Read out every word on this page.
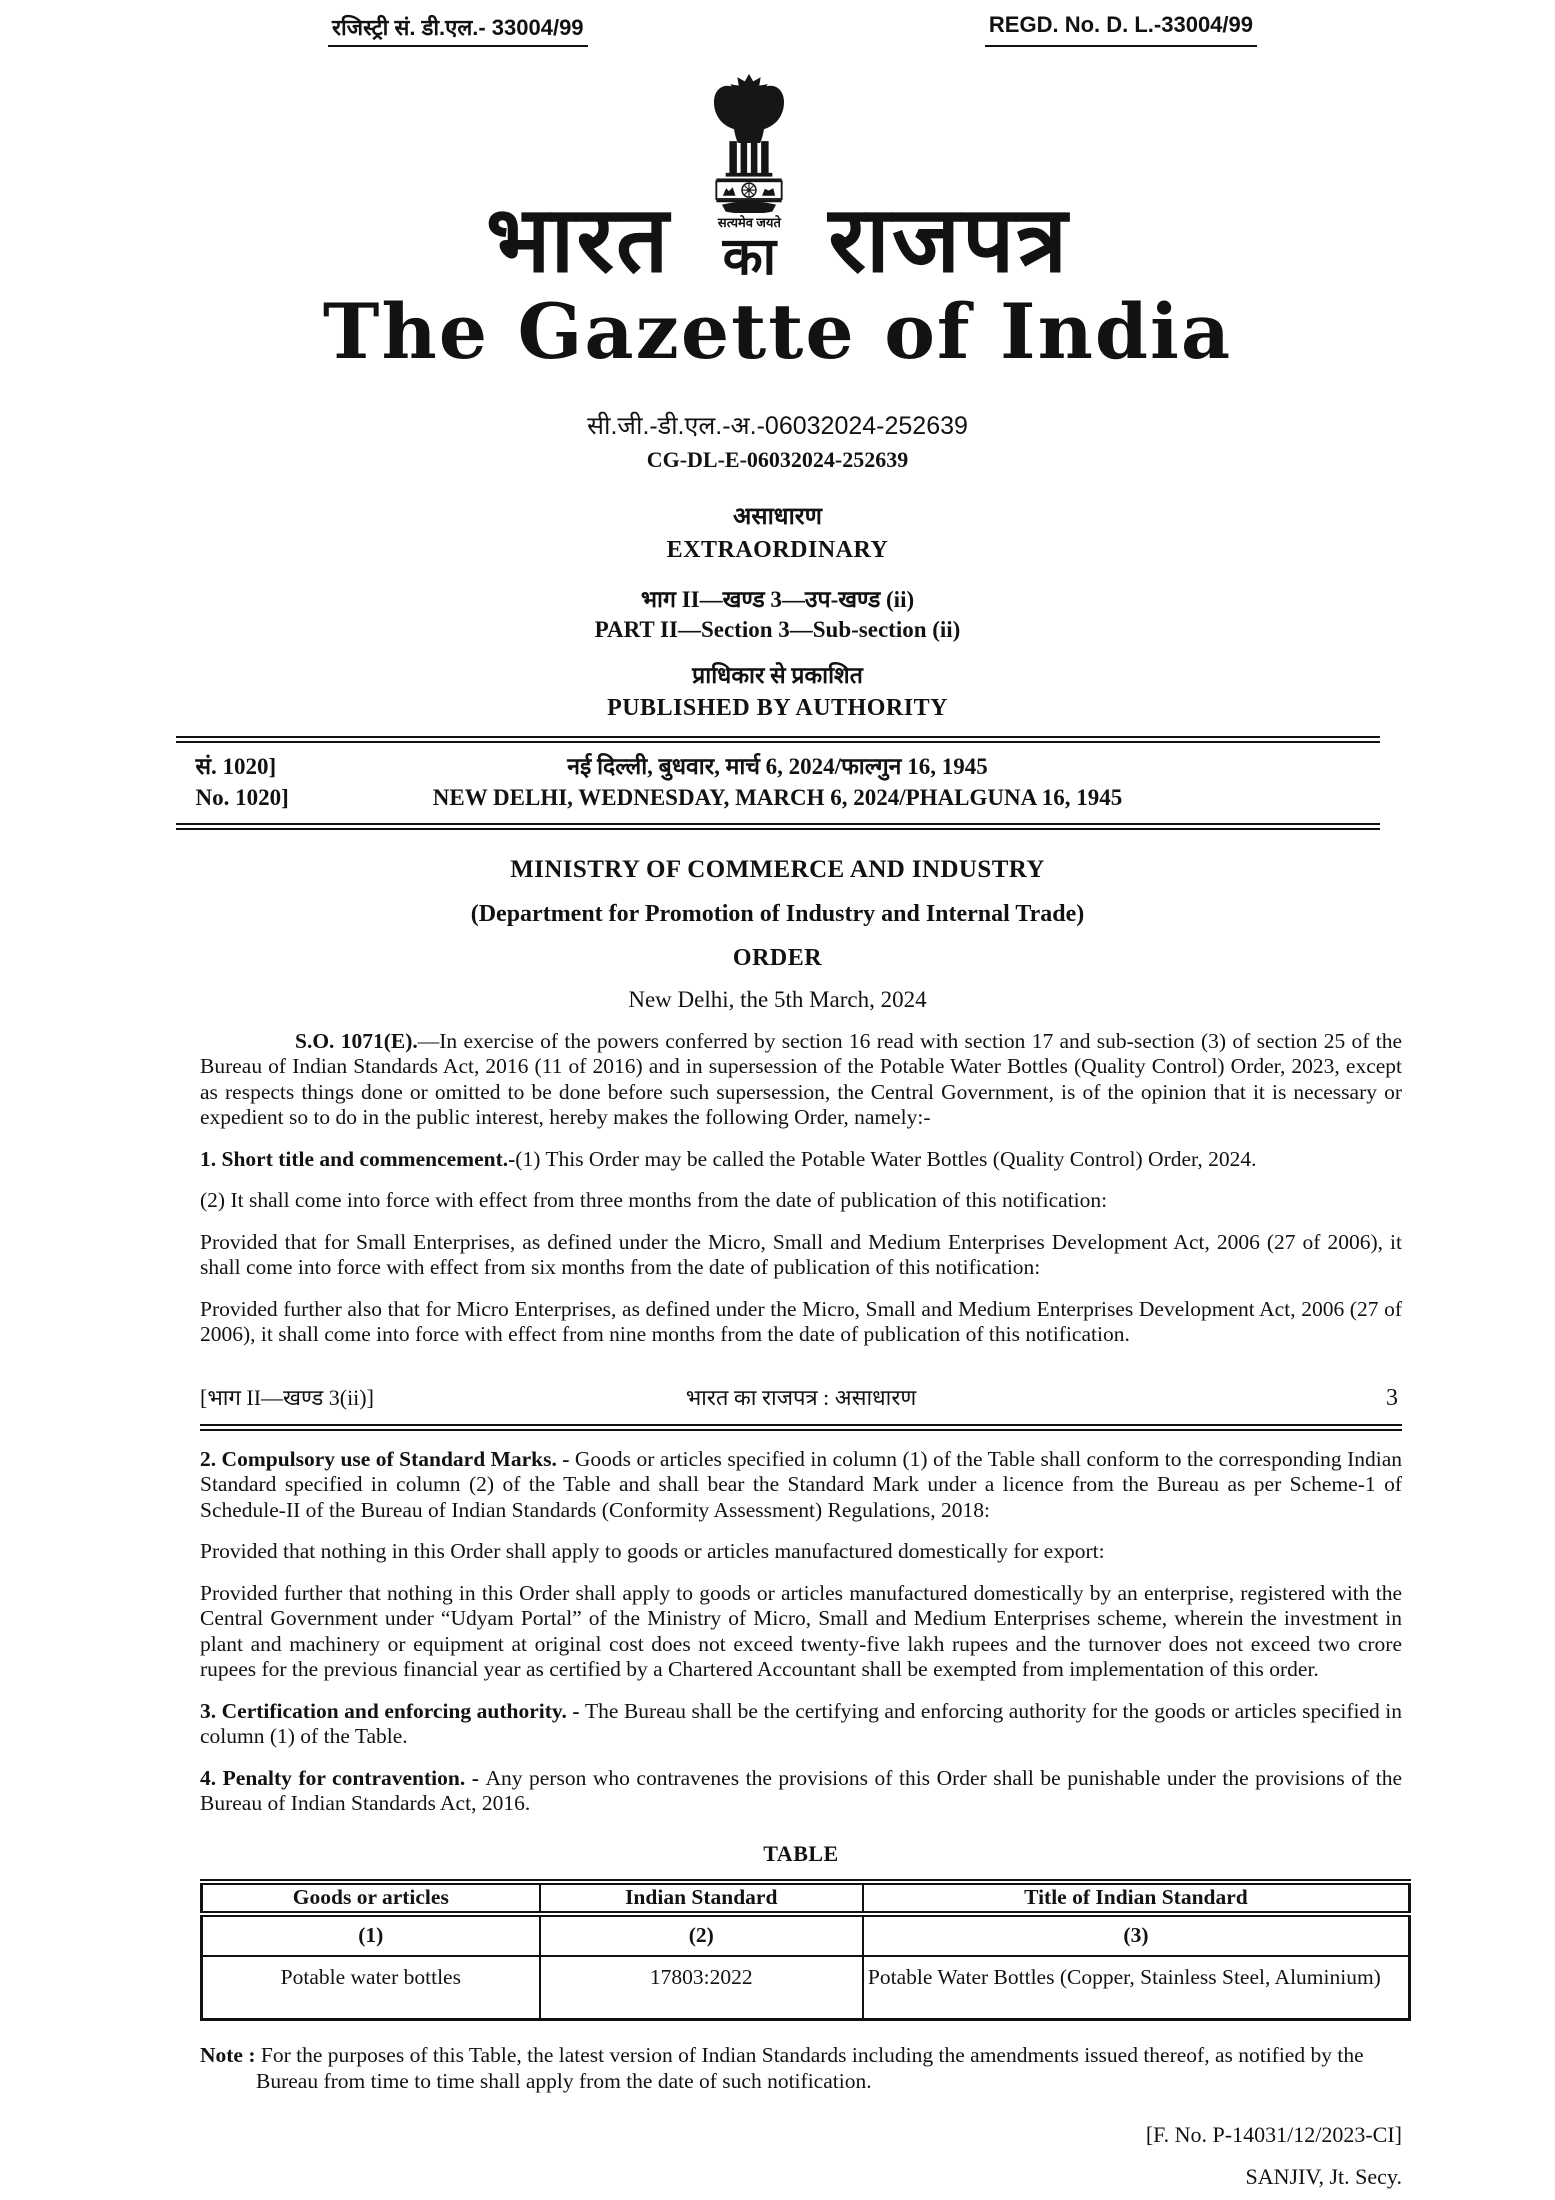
रजिस्ट्री सं. डी.एल.- 33004/99	REGD. No. D. L.-33004/99
भारत	सत्यमेव जयते
का राजपत्र
The Gazette of India
सी.जी.-डी.एल.-अ.-06032024-252639
CG-DL-E-06032024-252639
असाधारण
EXTRAORDINARY
भाग II—खण्ड 3—उप-खण्ड (ii)
PART II—Section 3—Sub-section (ii)
प्राधिकार से प्रकाशित
PUBLISHED BY AUTHORITY
सं. 1020]	नई दिल्ली, बुधवार, मार्च 6, 2024/फाल्गुन 16, 1945
No. 1020]	NEW DELHI, WEDNESDAY, MARCH 6, 2024/PHALGUNA 16, 1945
MINISTRY OF COMMERCE AND INDUSTRY
(Department for Promotion of Industry and Internal Trade)
ORDER
New Delhi, the 5th March, 2024

S.O. 1071(E).—In exercise of the powers conferred by section 16 read with section 17 and sub-section (3) of section 25 of the Bureau of Indian Standards Act, 2016 (11 of 2016) and in supersession of the Potable Water Bottles (Quality Control) Order, 2023, except as respects things done or omitted to be done before such supersession, the Central Government, is of the opinion that it is necessary or expedient so to do in the public interest, hereby makes the following Order, namely:-

1. Short title and commencement.-(1) This Order may be called the Potable Water Bottles (Quality Control) Order, 2024.

(2) It shall come into force with effect from three months from the date of publication of this notification:

Provided that for Small Enterprises, as defined under the Micro, Small and Medium Enterprises Development Act, 2006 (27 of 2006), it shall come into force with effect from six months from the date of publication of this notification:

Provided further also that for Micro Enterprises, as defined under the Micro, Small and Medium Enterprises Development Act, 2006 (27 of 2006), it shall come into force with effect from nine months from the date of publication of this notification.

[भाग II—खण्ड 3(ii)]	भारत का राजपत्र : असाधारण	3

2. Compulsory use of Standard Marks. - Goods or articles specified in column (1) of the Table shall conform to the corresponding Indian Standard specified in column (2) of the Table and shall bear the Standard Mark under a licence from the Bureau as per Scheme-1 of Schedule-II of the Bureau of Indian Standards (Conformity Assessment) Regulations, 2018:

Provided that nothing in this Order shall apply to goods or articles manufactured domestically for export:

Provided further that nothing in this Order shall apply to goods or articles manufactured domestically by an enterprise, registered with the Central Government under “Udyam Portal” of the Ministry of Micro, Small and Medium Enterprises scheme, wherein the investment in plant and machinery or equipment at original cost does not exceed twenty-five lakh rupees and the turnover does not exceed two crore rupees for the previous financial year as certified by a Chartered Accountant shall be exempted from implementation of this order.

3. Certification and enforcing authority. - The Bureau shall be the certifying and enforcing authority for the goods or articles specified in column (1) of the Table.

4. Penalty for contravention. - Any person who contravenes the provisions of this Order shall be punishable under the provisions of the Bureau of Indian Standards Act, 2016.

TABLE
Goods or articles	Indian Standard	Title of Indian Standard
(1)	(2)	(3)
Potable water bottles	17803:2022	Potable Water Bottles (Copper, Stainless Steel, Aluminium)

Note : For the purposes of this Table, the latest version of Indian Standards including the amendments issued thereof, as notified by the Bureau from time to time shall apply from the date of such notification.

[F. No. P-14031/12/2023-CI]
SANJIV, Jt. Secy.
